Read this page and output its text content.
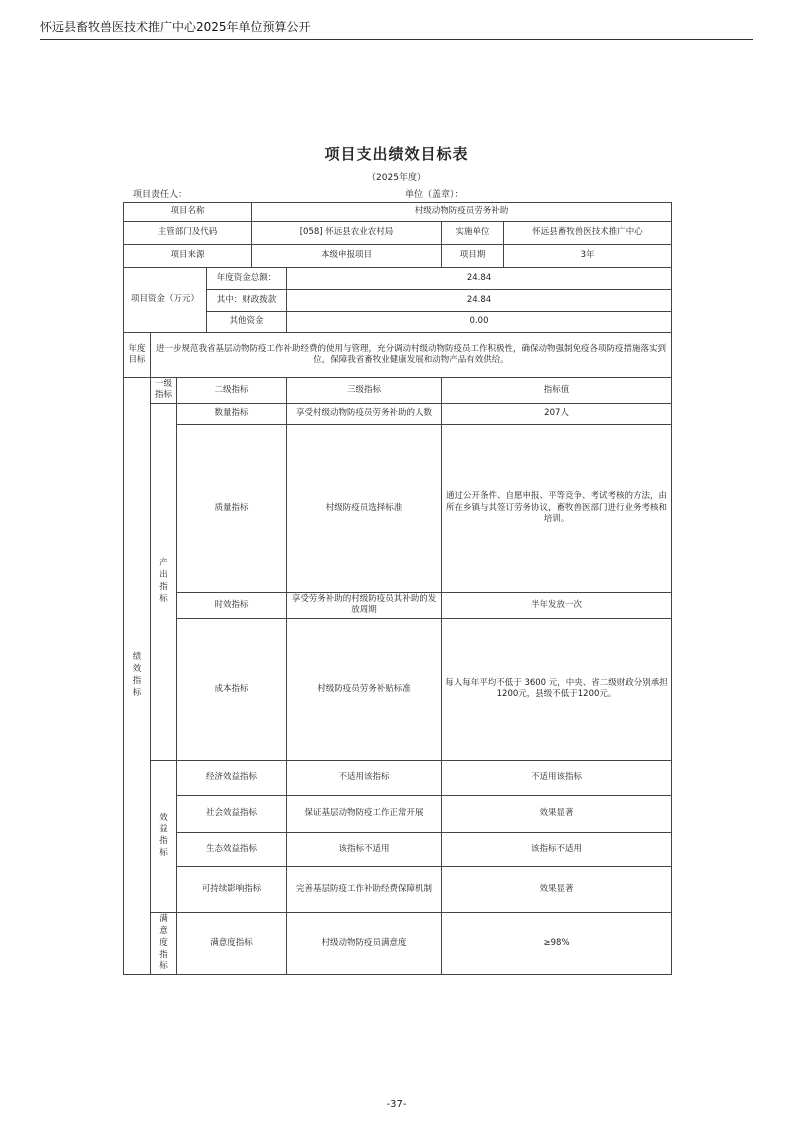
怀远县畜牧兽医技术推广中心2025年单位预算公开
项目支出绩效目标表
（2025年度）
项目责任人：	单位（盖章）：
项目名称				村级动物防疫员劳务补助			
主管部门及代码				[058] 怀远县农业农村局		实施单位	怀远县畜牧兽医技术推广中心
项目来源				本级申报项目		项目期	3年
项目资金（万元）			年度资金总额：		24.84		
			其中：财政拨款		24.84		
			其他资金		0.00		
年度目标	进一步规范我省基层动物防疫工作补助经费的使用与管理，充分调动村级动物防疫员工作积极性，确保动物强制免疫各项防疫措施落实到位，保障我省畜牧业健康发展和动物产品有效供给。						
绩效指标	一级指标	二级指标			三级指标	指标值	
	产出指标	数量指标			享受村级动物防疫员劳务补助的人数	207人	
		质量指标			村级防疫员选择标准	通过公开条件、自愿申报、平等竞争、考试考核的方法，由所在乡镇与其签订劳务协议，畜牧兽医部门进行业务考核和培训。	
		时效指标			享受劳务补助的村级防疫员其补助的发放周期	半年发放一次	
		成本指标			村级防疫员劳务补贴标准	每人每年平均不低于 3600 元，中央、省二级财政分别承担1200元，县级不低于1200元。	
	效益指标	经济效益指标			不适用该指标	不适用该指标	
		社会效益指标			保证基层动物防疫工作正常开展	效果显著	
		生态效益指标			该指标不适用	该指标不适用	
		可持续影响指标			完善基层防疫工作补助经费保障机制	效果显著	
	满意度指标	满意度指标			村级动物防疫员满意度	≥98%	
-37-
